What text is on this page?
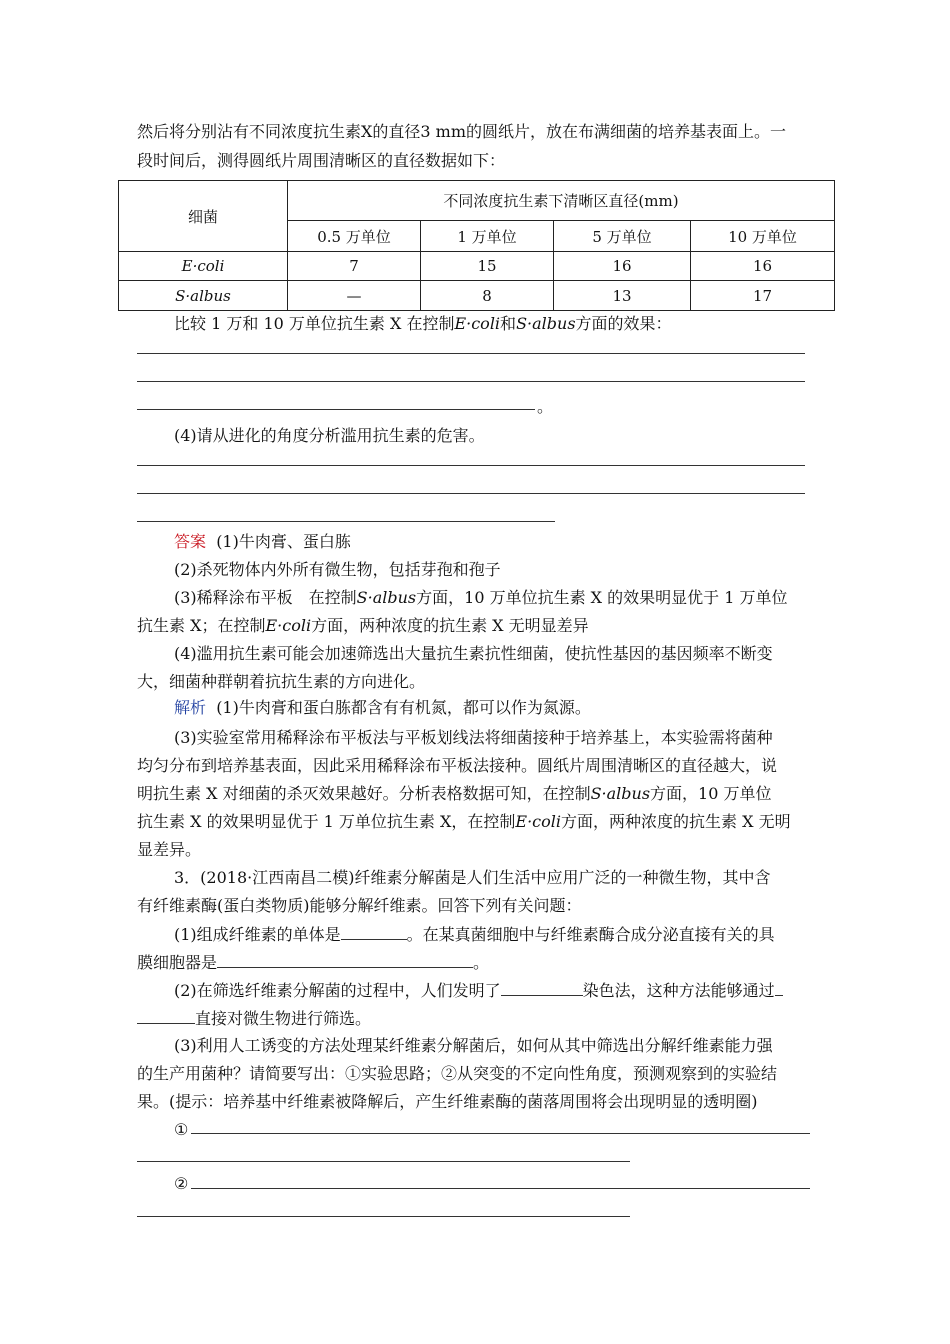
然后将分别沾有不同浓度抗生素X的直径3 mm的圆纸片，放在布满细菌的培养基表面上。一
段时间后，测得圆纸片周围清晰区的直径数据如下：
细菌	不同浓度抗生素下清晰区直径(mm)			
	0.5 万单位	1 万单位	5 万单位	10 万单位
E·coli	7	15	16	16
S·albus	—	8	13	17
比较 1 万和 10 万单位抗生素 X 在控制E·coli和S·albus方面的效果：
。
(4)请从进化的角度分析滥用抗生素的危害。
答案 (1)牛肉膏、蛋白胨
(2)杀死物体内外所有微生物，包括芽孢和孢子
(3)稀释涂布平板　在控制S·albus方面，10 万单位抗生素 X 的效果明显优于 1 万单位
抗生素 X；在控制E·coli方面，两种浓度的抗生素 X 无明显差异
(4)滥用抗生素可能会加速筛选出大量抗生素抗性细菌，使抗性基因的基因频率不断变
大，细菌种群朝着抗抗生素的方向进化。
解析 (1)牛肉膏和蛋白胨都含有有机氮，都可以作为氮源。
(3)实验室常用稀释涂布平板法与平板划线法将细菌接种于培养基上，本实验需将菌种
均匀分布到培养基表面，因此采用稀释涂布平板法接种。圆纸片周围清晰区的直径越大，说
明抗生素 X 对细菌的杀灭效果越好。分析表格数据可知，在控制S·albus方面，10 万单位
抗生素 X 的效果明显优于 1 万单位抗生素 X，在控制E·coli方面，两种浓度的抗生素 X 无明
显差异。
3．(2018·江西南昌二模)纤维素分解菌是人们生活中应用广泛的一种微生物，其中含
有纤维素酶(蛋白类物质)能够分解纤维素。回答下列有关问题：
(1)组成纤维素的单体是	。在某真菌细胞中与纤维素酶合成分泌直接有关的具
膜细胞器是	。
(2)在筛选纤维素分解菌的过程中，人们发明了	染色法，这种方法能够通过
直接对微生物进行筛选。
(3)利用人工诱变的方法处理某纤维素分解菌后，如何从其中筛选出分解纤维素能力强
的生产用菌种？请简要写出：①实验思路；②从突变的不定向性角度，预测观察到的实验结
果。(提示：培养基中纤维素被降解后，产生纤维素酶的菌落周围将会出现明显的透明圈)
①
②
